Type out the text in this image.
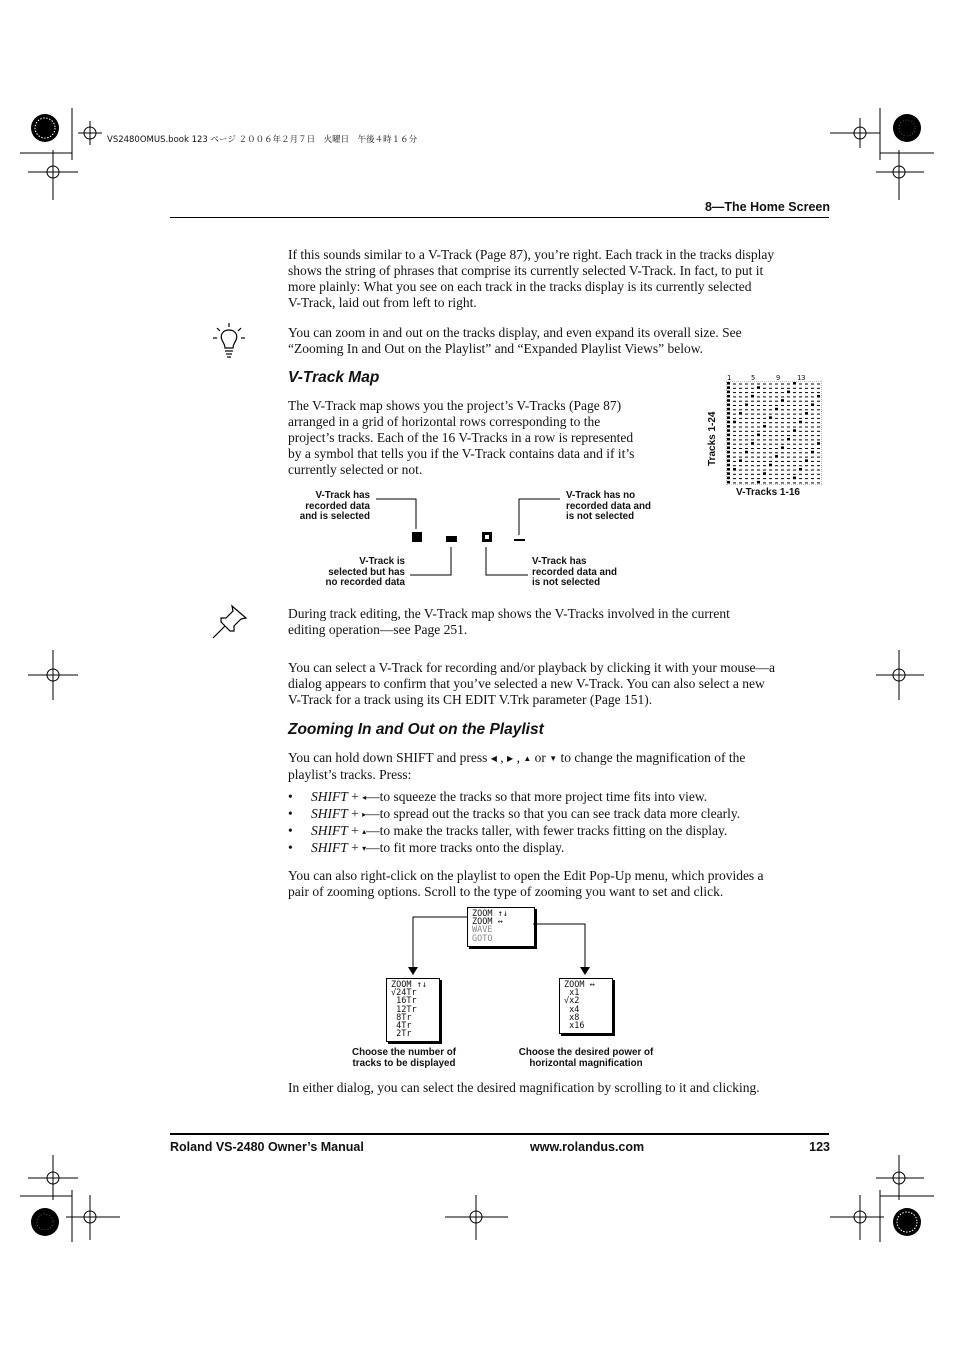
VS2480OMUS.book 123 ページ ２００６年２月７日　火曜日　午後４時１６分
8—The Home Screen
If this sounds similar to a V-Track (Page 87), you’re right. Each track in the tracks display
shows the string of phrases that comprise its currently selected V-Track. In fact, to put it
more plainly: What you see on each track in the tracks display is its currently selected
V-Track, laid out from left to right.
You can zoom in and out on the tracks display, and even expand its overall size. See
“Zooming In and Out on the Playlist” and “Expanded Playlist Views” below.
V-Track Map
The V-Track map shows you the project’s V-Tracks (Page 87)
arranged in a grid of horizontal rows corresponding to the
project’s tracks. Each of the 16 V-Tracks in a row is represented
by a symbol that tells you if the V-Track contains data and if it’s
currently selected or not.
1	5	9 13
Tracks 1-24
V-Tracks 1-16
V-Track has
recorded data
and is selected
V-Track has no
recorded data and
is not selected
V-Track is
selected but has
no recorded data
V-Track has
recorded data and
is not selected
During track editing, the V-Track map shows the V-Tracks involved in the current
editing operation—see Page 251.
You can select a V-Track for recording and/or playback by clicking it with your mouse—a
dialog appears to confirm that you’ve selected a new V-Track. You can also select a new
V-Track for a track using its CH EDIT V.Trk parameter (Page 151).
Zooming In and Out on the Playlist
You can hold down SHIFT and press ◀ , ▶ , ▲ or ▼ to change the magnification of the
playlist’s tracks. Press:
• SHIFT + ◂—to squeeze the tracks so that more project time fits into view.
• SHIFT + ▸—to spread out the tracks so that you can see track data more clearly.
• SHIFT + ▴—to make the tracks taller, with fewer tracks fitting on the display.
• SHIFT + ▾—to fit more tracks onto the display.
You can also right-click on the playlist to open the Edit Pop-Up menu, which provides a
pair of zooming options. Scroll to the type of zooming you want to set and click.
ZOOM ↑↓
ZOOM ↔
WAVE
GOTO
ZOOM ↑↓
√24Tr
16Tr
12Tr
8Tr
4Tr
2Tr
ZOOM ↔
x1
√x2
x4
x8
x16
Choose the number of
tracks to be displayed
Choose the desired power of
horizontal magnification
In either dialog, you can select the desired magnification by scrolling to it and clicking.
Roland VS-2480 Owner’s Manual	www.rolandus.com	123
